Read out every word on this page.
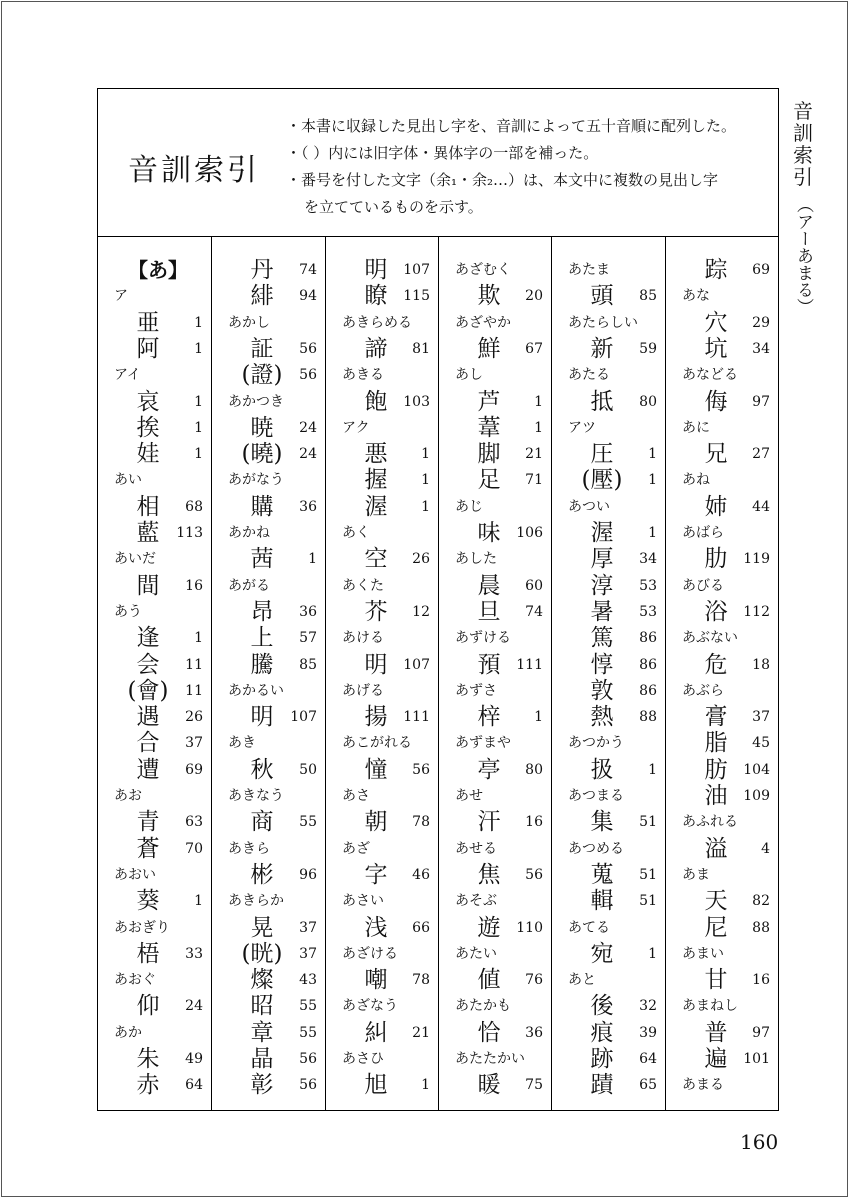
音訓索引
・本書に収録した見出し字を、音訓によって五十音順に配列した。
・（ ）内には旧字体・異体字の一部を補った。
・番号を付した文字（余₁・余₂…）は、本文中に複数の見出し字
を立てているものを示す。
【あ】
ア
亜	1
阿	1
アイ
哀	1
挨	1
娃	1
あい
相	68
藍	113
あいだ
間	16
あう
逢	1
会	11
(會)	11
遇	26
合	37
遭	69
あお
青	63
蒼	70
あおい
葵	1
あおぎり
梧	33
あおぐ
仰	24
あか
朱	49
赤	64
丹	74
緋	94
あかし
証	56
(證)	56
あかつき
暁	24
(曉)	24
あがなう
購	36
あかね
茜	1
あがる
昂	36
上	57
騰	85
あかるい
明	107
あき
秋	50
あきなう
商	55
あきら
彬	96
あきらか
晃	37
(晄)	37
燦	43
昭	55
章	55
晶	56
彰	56
明	107
瞭	115
あきらめる
諦	81
あきる
飽	103
アク
悪	1
握	1
渥	1
あく
空	26
あくた
芥	12
あける
明	107
あげる
揚	111
あこがれる
憧	56
あさ
朝	78
あざ
字	46
あさい
浅	66
あざける
嘲	78
あざなう
糾	21
あさひ
旭	1
あざむく
欺	20
あざやか
鮮	67
あし
芦	1
葦	1
脚	21
足	71
あじ
味	106
あした
晨	60
旦	74
あずける
預	111
あずさ
梓	1
あずまや
亭	80
あせ
汗	16
あせる
焦	56
あそぶ
遊	110
あたい
値	76
あたかも
恰	36
あたたかい
暖	75
あたま
頭	85
あたらしい
新	59
あたる
抵	80
アツ
圧	1
(壓)	1
あつい
渥	1
厚	34
淳	53
暑	53
篤	86
惇	86
敦	86
熱	88
あつかう
扱	1
あつまる
集	51
あつめる
蒐	51
輯	51
あてる
宛	1
あと
後	32
痕	39
跡	64
蹟	65
踪	69
あな
穴	29
坑	34
あなどる
侮	97
あに
兄	27
あね
姉	44
あばら
肋	119
あびる
浴	112
あぶない
危	18
あぶら
膏	37
脂	45
肪	104
油	109
あふれる
溢	4
あま
天	82
尼	88
あまい
甘	16
あまねし
普	97
遍	101
あまる
音
訓
索
引
（アーあまる）
160
